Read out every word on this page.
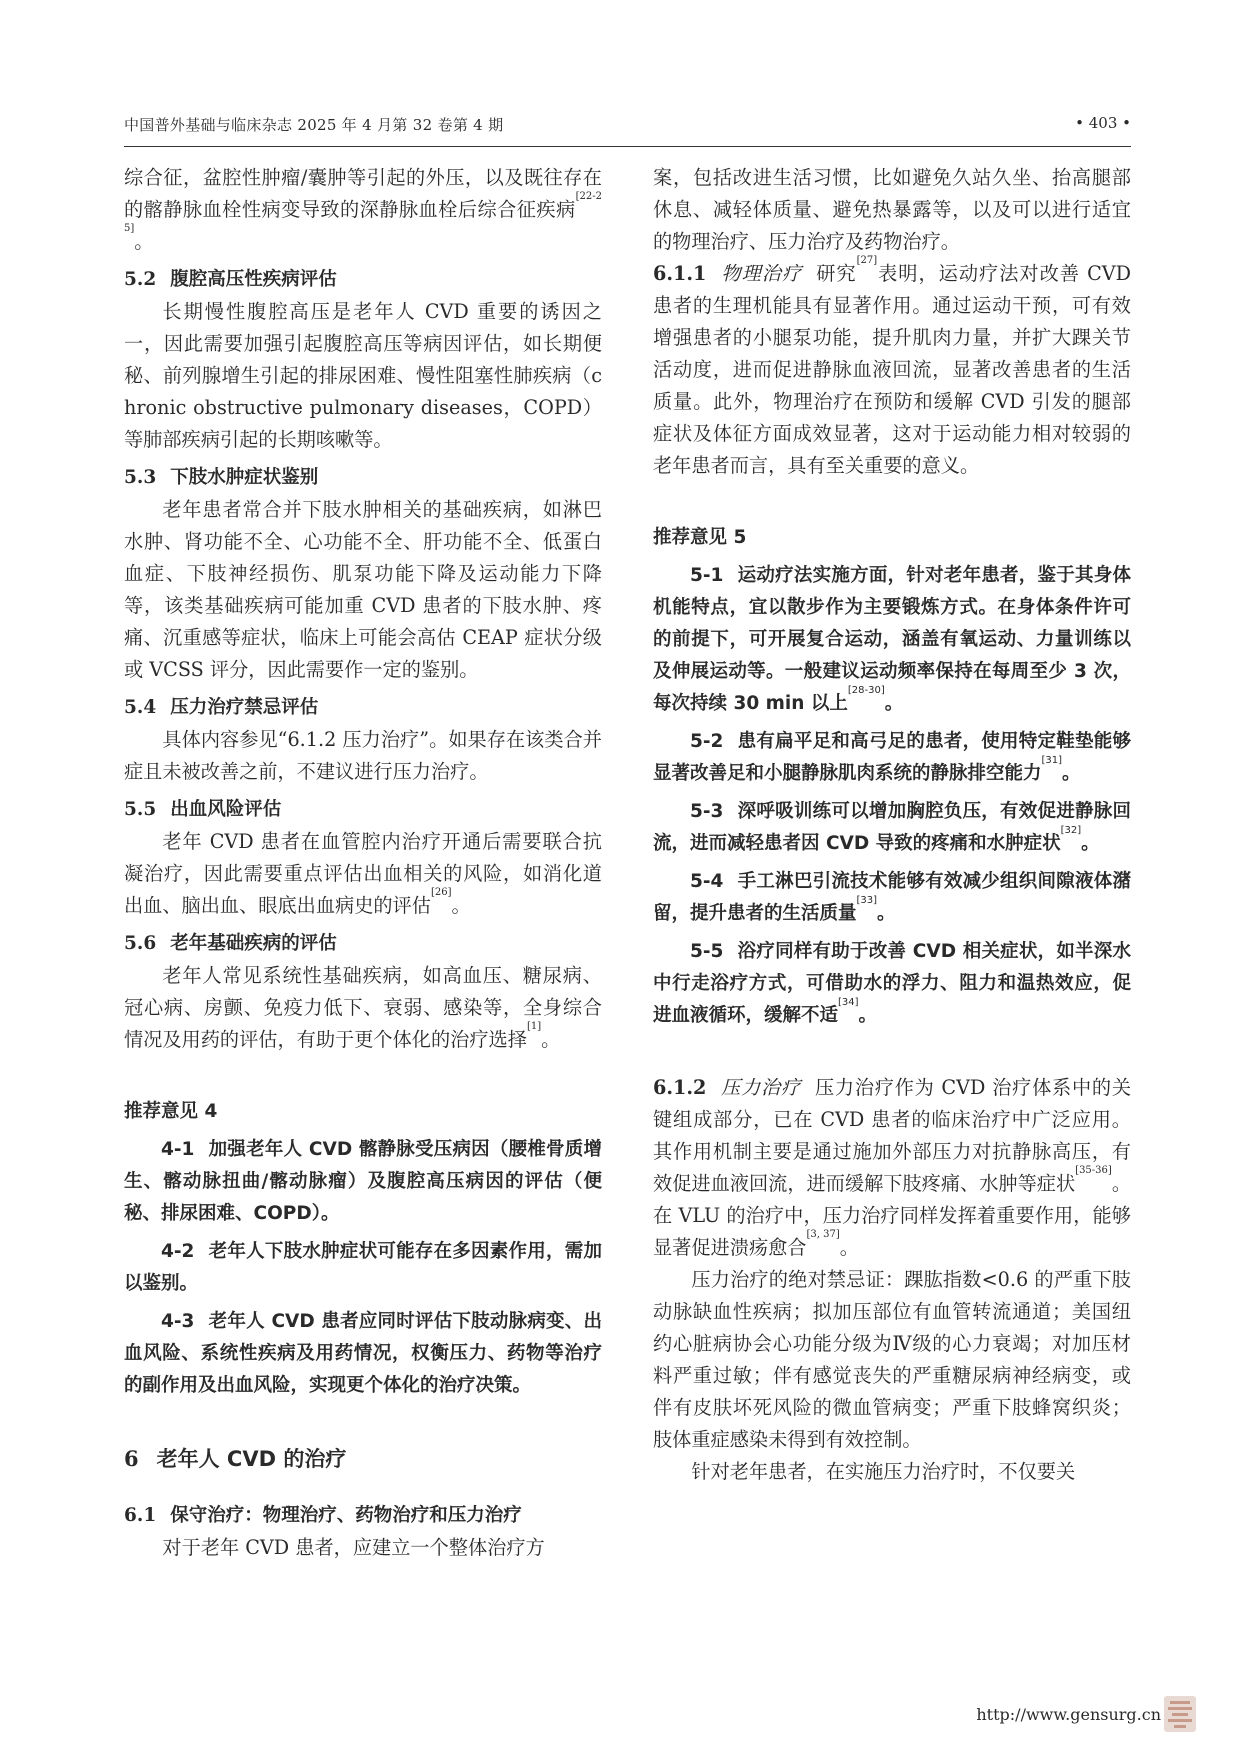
中国普外基础与临床杂志 2025 年 4 月第 32 卷第 4 期	• 403 •

综合征，盆腔性肿瘤/囊肿等引起的外压，以及既往存在的髂静脉血栓性病变导致的深静脉血栓后综合征疾病[22-25]。

5.2 腹腔高压性疾病评估

长期慢性腹腔高压是老年人 CVD 重要的诱因之一，因此需要加强引起腹腔高压等病因评估，如长期便秘、前列腺增生引起的排尿困难、慢性阻塞性肺疾病（chronic obstructive pulmonary diseases，COPD）等肺部疾病引起的长期咳嗽等。

5.3 下肢水肿症状鉴别

老年患者常合并下肢水肿相关的基础疾病，如淋巴水肿、肾功能不全、心功能不全、肝功能不全、低蛋白血症、下肢神经损伤、肌泵功能下降及运动能力下降等，该类基础疾病可能加重 CVD 患者的下肢水肿、疼痛、沉重感等症状，临床上可能会高估 CEAP 症状分级或 VCSS 评分，因此需要作一定的鉴别。

5.4 压力治疗禁忌评估

具体内容参见“6.1.2 压力治疗”。如果存在该类合并症且未被改善之前，不建议进行压力治疗。

5.5 出血风险评估

老年 CVD 患者在血管腔内治疗开通后需要联合抗凝治疗，因此需要重点评估出血相关的风险，如消化道出血、脑出血、眼底出血病史的评估[26]。

5.6 老年基础疾病的评估

老年人常见系统性基础疾病，如高血压、糖尿病、冠心病、房颤、免疫力低下、衰弱、感染等，全身综合情况及用药的评估，有助于更个体化的治疗选择[1]。

推荐意见 4

4-1 加强老年人 CVD 髂静脉受压病因（腰椎骨质增生、髂动脉扭曲/髂动脉瘤）及腹腔高压病因的评估（便秘、排尿困难、COPD）。

4-2 老年人下肢水肿症状可能存在多因素作用，需加以鉴别。

4-3 老年人 CVD 患者应同时评估下肢动脉病变、出血风险、系统性疾病及用药情况，权衡压力、药物等治疗的副作用及出血风险，实现更个体化的治疗决策。

6 老年人 CVD 的治疗

6.1 保守治疗：物理治疗、药物治疗和压力治疗

对于老年 CVD 患者，应建立一个整体治疗方

案，包括改进生活习惯，比如避免久站久坐、抬高腿部休息、减轻体质量、避免热暴露等，以及可以进行适宜的物理治疗、压力治疗及药物治疗。

6.1.1 物理治疗 研究[27]表明，运动疗法对改善 CVD 患者的生理机能具有显著作用。通过运动干预，可有效增强患者的小腿泵功能，提升肌肉力量，并扩大踝关节活动度，进而促进静脉血液回流，显著改善患者的生活质量。此外，物理治疗在预防和缓解 CVD 引发的腿部症状及体征方面成效显著，这对于运动能力相对较弱的老年患者而言，具有至关重要的意义。

推荐意见 5

5-1 运动疗法实施方面，针对老年患者，鉴于其身体机能特点，宜以散步作为主要锻炼方式。在身体条件许可的前提下，可开展复合运动，涵盖有氧运动、力量训练以及伸展运动等。一般建议运动频率保持在每周至少 3 次，每次持续 30 min 以上[28-30]。

5-2 患有扁平足和高弓足的患者，使用特定鞋垫能够显著改善足和小腿静脉肌肉系统的静脉排空能力[31]。

5-3 深呼吸训练可以增加胸腔负压，有效促进静脉回流，进而减轻患者因 CVD 导致的疼痛和水肿症状[32]。

5-4 手工淋巴引流技术能够有效减少组织间隙液体潴留，提升患者的生活质量[33]。

5-5 浴疗同样有助于改善 CVD 相关症状，如半深水中行走浴疗方式，可借助水的浮力、阻力和温热效应，促进血液循环，缓解不适[34]。

6.1.2 压力治疗 压力治疗作为 CVD 治疗体系中的关键组成部分，已在 CVD 患者的临床治疗中广泛应用。其作用机制主要是通过施加外部压力对抗静脉高压，有效促进血液回流，进而缓解下肢疼痛、水肿等症状[35-36]。在 VLU 的治疗中，压力治疗同样发挥着重要作用，能够显著促进溃疡愈合[3, 37]。

压力治疗的绝对禁忌证：踝肱指数<0.6 的严重下肢动脉缺血性疾病；拟加压部位有血管转流通道；美国纽约心脏病协会心功能分级为Ⅳ级的心力衰竭；对加压材料严重过敏；伴有感觉丧失的严重糖尿病神经病变，或伴有皮肤坏死风险的微血管病变；严重下肢蜂窝织炎；肢体重症感染未得到有效控制。

针对老年患者，在实施压力治疗时，不仅要关

http://www.gensurg.cn
